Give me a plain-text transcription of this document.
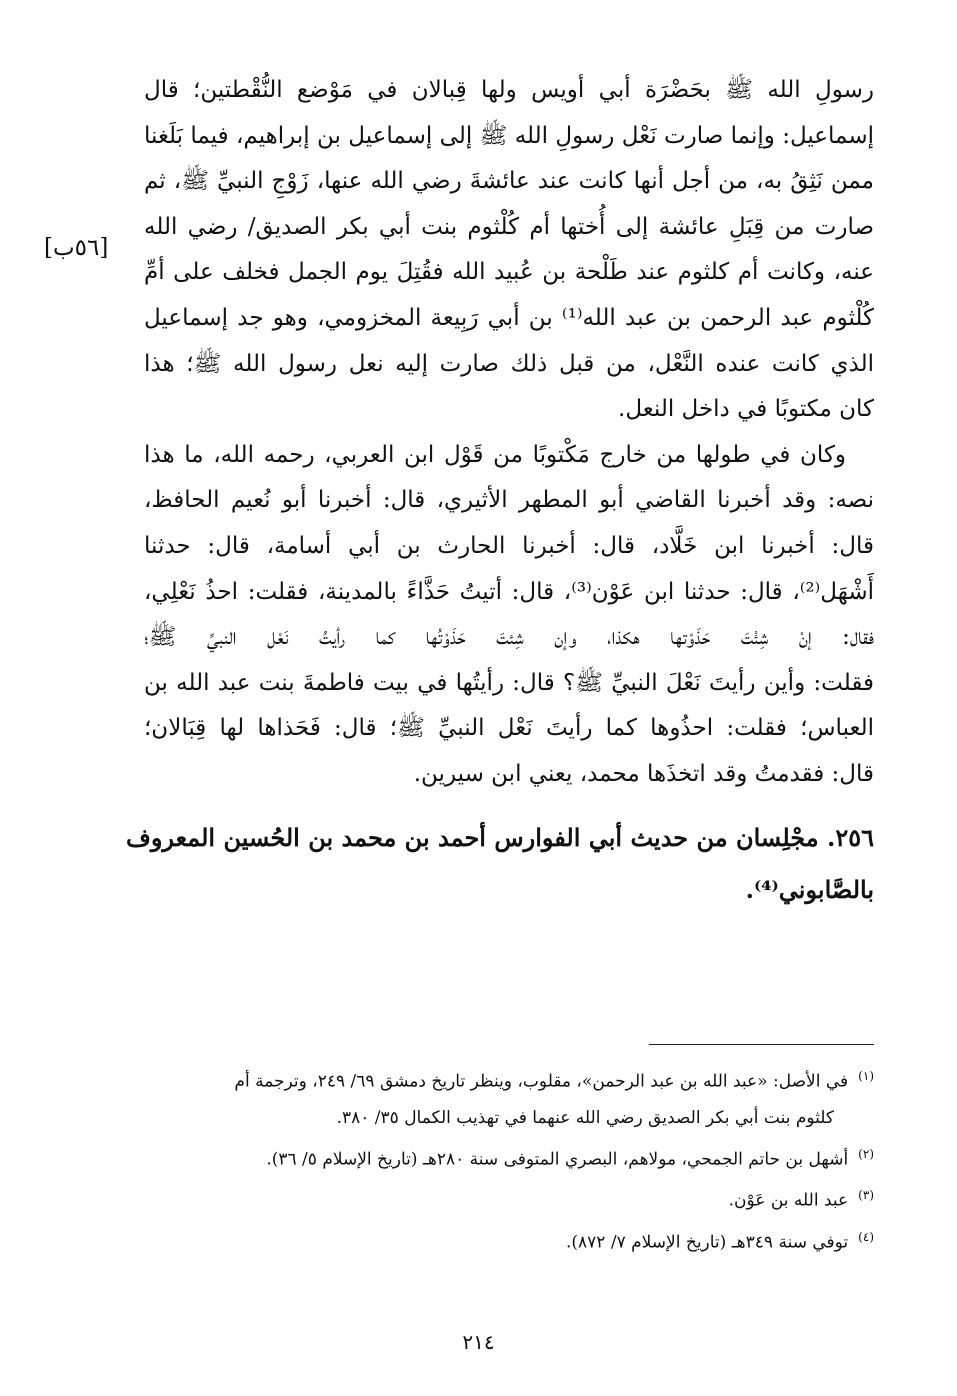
رسولِ الله ﷺ بحَضْرَة أبي أويس ولها قِبالان في مَوْضع النُّقْطتين؛ قال
إسماعيل: وإنما صارت نَعْل رسولِ الله ﷺ إلى إسماعيل بن إبراهيم، فيما بَلَغنا
ممن نَثِقُ به، من أجل أنها كانت عند عائشةَ رضي الله عنها، زَوْجِ النبيِّ ﷺ، ثم
صارت من قِبَلِ عائشة إلى أُختها أم كُلْثوم بنت أبي بكر الصديق/ رضي الله
عنه، وكانت أم كلثوم عند طَلْحة بن عُبيد الله فقُتِلَ يوم الجمل فخلف على أمِّ
كُلْثوم عبد الرحمن بن عبد الله⁽¹⁾ بن أبي رَبِيعة المخزومي، وهو جد إسماعيل
الذي كانت عنده النَّعْل، من قبل ذلك صارت إليه نعل رسول الله ﷺ؛ هذا
كان مكتوبًا في داخل النعل.
وكان في طولها من خارج مَكْتوبًا من قَوْل ابن العربي، رحمه الله، ما هذا
نصه: وقد أخبرنا القاضي أبو المطهر الأثيري، قال: أخبرنا أبو نُعيم الحافظ،
قال: أخبرنا ابن خَلَّاد، قال: أخبرنا الحارث بن أبي أسامة، قال: حدثنا
أَشْهَل⁽²⁾، قال: حدثنا ابن عَوْن⁽³⁾، قال: أتيتُ حَذَّاءً بالمدينة، فقلت: احذُ نَعْلِي،
فقال: إنْ شِئْتَ حَذَوْتها هكذا، وإن شِئتَ حَذَوْتُها كما رأيتُ نَعْل النبيِّ ﷺ؛
فقلت: وأين رأيتَ نَعْلَ النبيِّ ﷺ؟ قال: رأيتُها في بيت فاطمةَ بنت عبد الله بن
العباس؛ فقلت: احذُوها كما رأيتَ نَعْل النبيِّ ﷺ؛ قال: فَحَذاها لها قِبَالان؛
قال: فقدمتُ وقد اتخذَها محمد، يعني ابن سيرين.
٢٥٦. مجْلِسان من حديث أبي الفوارس أحمد بن محمد بن الحُسين المعروف
بالصَّابوني⁽⁴⁾.
[٥٦ب]
$^{(١)}$في الأصل: «عبد الله بن عبد الرحمن»، مقلوب، وينظر تاريخ دمشق ٦٩/ ٢٤٩، وترجمة أم
كلثوم بنت أبي بكر الصديق رضي الله عنهما في تهذيب الكمال ٣٥/ ٣٨٠.
$^{(٢)}$أشهل بن حاتم الجمحي، مولاهم، البصري المتوفى سنة ٢٨٠هـ (تاريخ الإسلام ٥/ ٣٦).
$^{(٣)}$عبد الله بن عَوْن.
$^{(٤)}$توفي سنة ٣٤٩هـ (تاريخ الإسلام ٧/ ٨٧٢).
٢١٤
